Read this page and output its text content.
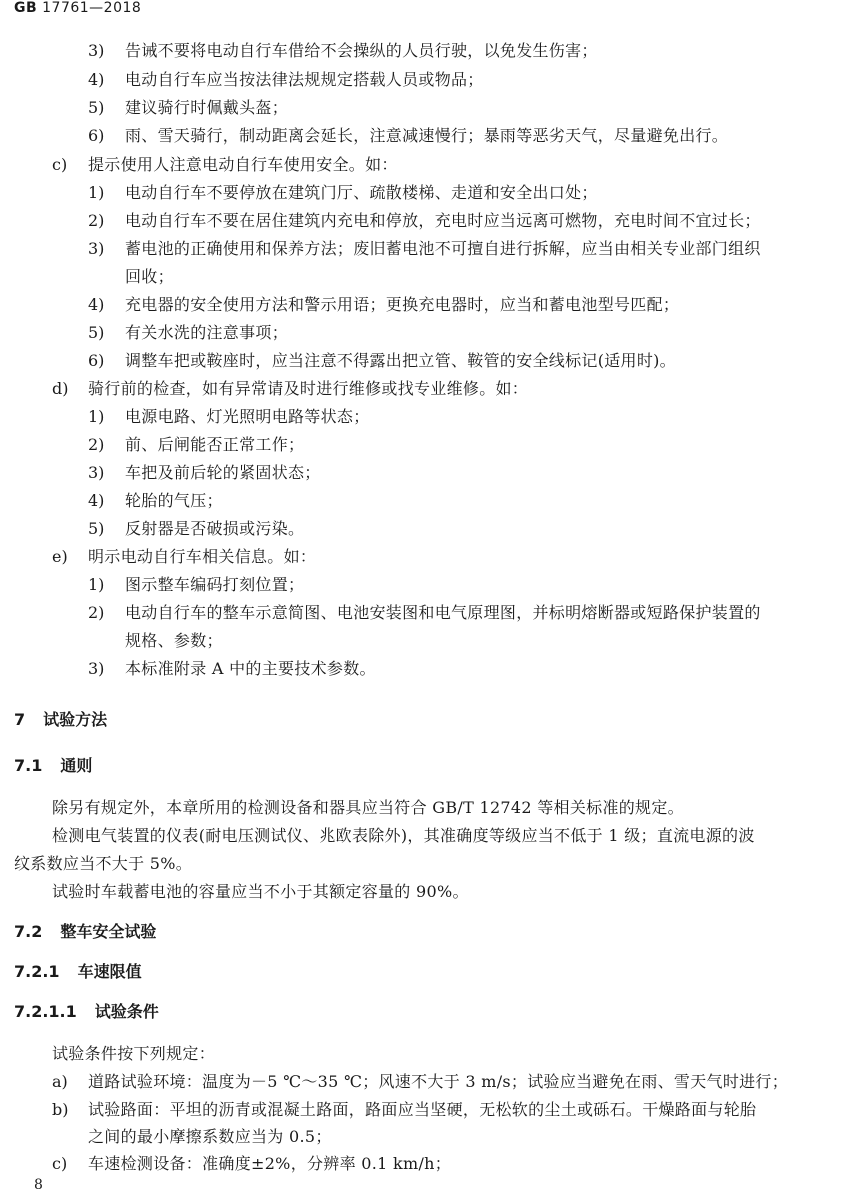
GB 17761—2018
3) 告诫不要将电动自行车借给不会操纵的人员行驶，以免发生伤害；
4) 电动自行车应当按法律法规规定搭载人员或物品；
5) 建议骑行时佩戴头盔；
6) 雨、雪天骑行，制动距离会延长，注意减速慢行；暴雨等恶劣天气，尽量避免出行。
c) 提示使用人注意电动自行车使用安全。如：
1) 电动自行车不要停放在建筑门厅、疏散楼梯、走道和安全出口处；
2) 电动自行车不要在居住建筑内充电和停放，充电时应当远离可燃物，充电时间不宜过长；
3) 蓄电池的正确使用和保养方法；废旧蓄电池不可擅自进行拆解，应当由相关专业部门组织
回收；
4) 充电器的安全使用方法和警示用语；更换充电器时，应当和蓄电池型号匹配；
5) 有关水洗的注意事项；
6) 调整车把或鞍座时，应当注意不得露出把立管、鞍管的安全线标记(适用时)。
d) 骑行前的检查，如有异常请及时进行维修或找专业维修。如：
1) 电源电路、灯光照明电路等状态；
2) 前、后闸能否正常工作；
3) 车把及前后轮的紧固状态；
4) 轮胎的气压；
5) 反射器是否破损或污染。
e) 明示电动自行车相关信息。如：
1) 图示整车编码打刻位置；
2) 电动自行车的整车示意简图、电池安装图和电气原理图，并标明熔断器或短路保护装置的
规格、参数；
3) 本标准附录 A 中的主要技术参数。
7 试验方法
7.1 通则
除另有规定外，本章所用的检测设备和器具应当符合 GB/T 12742 等相关标准的规定。
检测电气装置的仪表(耐电压测试仪、兆欧表除外)，其准确度等级应当不低于 1 级；直流电源的波
纹系数应当不大于 5%。
试验时车载蓄电池的容量应当不小于其额定容量的 90%。
7.2 整车安全试验
7.2.1 车速限值
7.2.1.1 试验条件
试验条件按下列规定：
a) 道路试验环境：温度为－5 ℃～35 ℃；风速不大于 3 m/s；试验应当避免在雨、雪天气时进行；
b) 试验路面：平坦的沥青或混凝土路面，路面应当坚硬，无松软的尘土或砾石。干燥路面与轮胎
之间的最小摩擦系数应当为 0.5；
c) 车速检测设备：准确度±2%，分辨率 0.1 km/h；
8
